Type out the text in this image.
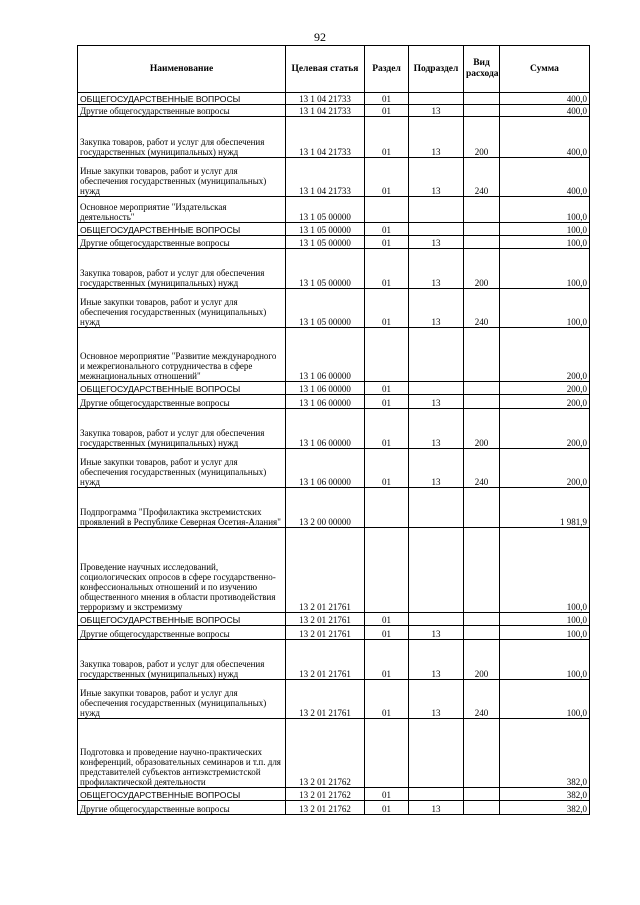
92
Наименование	Целевая статья	Раздел	Подраздел	Вид расхода	Сумма
ОБЩЕГОСУДАРСТВЕННЫЕ ВОПРОСЫ	13 1 04 21733	01			400,0
Другие общегосударственные вопросы	13 1 04 21733	01	13		400,0
Закупка товаров, работ и услуг для обеспечения государственных (муниципальных) нужд	13 1 04 21733	01	13	200	400,0
Иные закупки товаров, работ и услуг для обеспечения государственных (муниципальных) нужд	13 1 04 21733	01	13	240	400,0
Основное мероприятие "Издательская деятельность"	13 1 05 00000				100,0
ОБЩЕГОСУДАРСТВЕННЫЕ ВОПРОСЫ	13 1 05 00000	01			100,0
Другие общегосударственные вопросы	13 1 05 00000	01	13		100,0
Закупка товаров, работ и услуг для обеспечения государственных (муниципальных) нужд	13 1 05 00000	01	13	200	100,0
Иные закупки товаров, работ и услуг для обеспечения государственных (муниципальных) нужд	13 1 05 00000	01	13	240	100,0
Основное мероприятие "Развитие международного и межрегионального сотрудничества в сфере межнациональных отношений"	13 1 06 00000				200,0
ОБЩЕГОСУДАРСТВЕННЫЕ ВОПРОСЫ	13 1 06 00000	01			200,0
Другие общегосударственные вопросы	13 1 06 00000	01	13		200,0
Закупка товаров, работ и услуг для обеспечения государственных (муниципальных) нужд	13 1 06 00000	01	13	200	200,0
Иные закупки товаров, работ и услуг для обеспечения государственных (муниципальных) нужд	13 1 06 00000	01	13	240	200,0
Подпрограмма "Профилактика экстремистских проявлений в Республике Северная Осетия-Алания"	13 2 00 00000				1 981,9
Проведение научных исследований, социологических опросов в сфере государственно-конфессиональных отношений и по изучению общественного мнения в области противодействия терроризму и экстремизму	13 2 01 21761				100,0
ОБЩЕГОСУДАРСТВЕННЫЕ ВОПРОСЫ	13 2 01 21761	01			100,0
Другие общегосударственные вопросы	13 2 01 21761	01	13		100,0
Закупка товаров, работ и услуг для обеспечения государственных (муниципальных) нужд	13 2 01 21761	01	13	200	100,0
Иные закупки товаров, работ и услуг для обеспечения государственных (муниципальных) нужд	13 2 01 21761	01	13	240	100,0
Подготовка и проведение научно-практических конференций, образовательных семинаров и т.п. для представителей субъектов антиэкстремистской профилактической деятельности	13 2 01 21762				382,0
ОБЩЕГОСУДАРСТВЕННЫЕ ВОПРОСЫ	13 2 01 21762	01			382,0
Другие общегосударственные вопросы	13 2 01 21762	01	13		382,0
